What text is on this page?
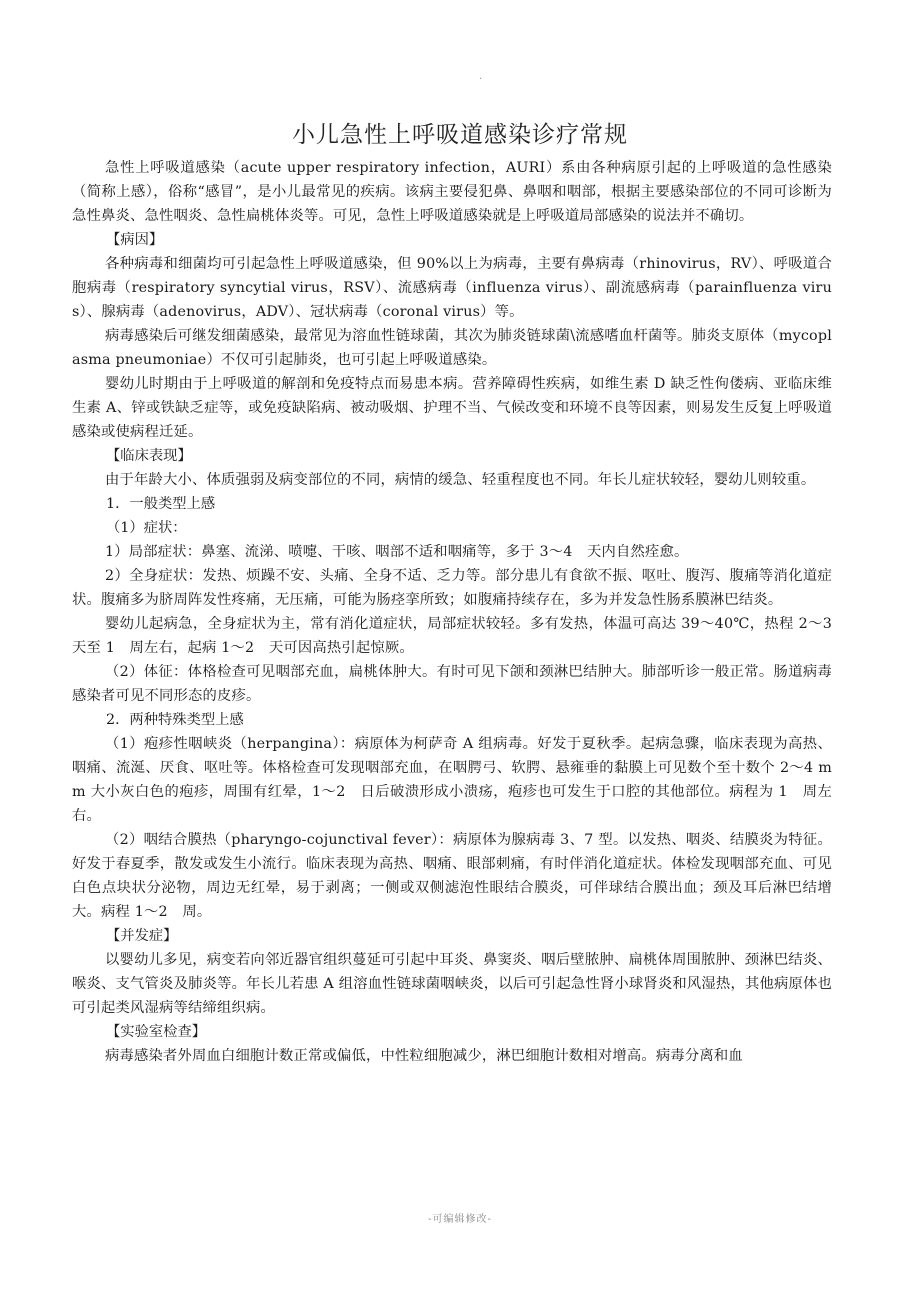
·
小儿急性上呼吸道感染诊疗常规

急性上呼吸道感染（acute upper respiratory infection，AURI）系由各种病原引起的上呼吸道的急性感染（简称上感），俗称“感冒”，是小儿最常见的疾病。该病主要侵犯鼻、鼻咽和咽部，根据主要感染部位的不同可诊断为急性鼻炎、急性咽炎、急性扁桃体炎等。可见，急性上呼吸道感染就是上呼吸道局部感染的说法并不确切。

【病因】

各种病毒和细菌均可引起急性上呼吸道感染，但 90%以上为病毒，主要有鼻病毒（rhinovirus，RV）、呼吸道合胞病毒（respiratory syncytial virus，RSV）、流感病毒（influenza virus）、副流感病毒（parainfluenza virus）、腺病毒（adenovirus，ADV）、冠状病毒（coronal virus）等。

病毒感染后可继发细菌感染，最常见为溶血性链球菌，其次为肺炎链球菌\流感嗜血杆菌等。肺炎支原体（mycoplasma pneumoniae）不仅可引起肺炎，也可引起上呼吸道感染。

婴幼儿时期由于上呼吸道的解剖和免疫特点而易患本病。营养障碍性疾病，如维生素 D 缺乏性佝偻病、亚临床维生素 A、锌或铁缺乏症等，或免疫缺陷病、被动吸烟、护理不当、气候改变和环境不良等因素，则易发生反复上呼吸道感染或使病程迁延。

【临床表现】

由于年龄大小、体质强弱及病变部位的不同，病情的缓急、轻重程度也不同。年长儿症状较轻，婴幼儿则较重。

1．一般类型上感

（1）症状：

1）局部症状：鼻塞、流涕、喷嚏、干咳、咽部不适和咽痛等，多于 3～4　天内自然痊愈。

2）全身症状：发热、烦躁不安、头痛、全身不适、乏力等。部分患儿有食欲不振、呕吐、腹泻、腹痛等消化道症状。腹痛多为脐周阵发性疼痛，无压痛，可能为肠痉挛所致；如腹痛持续存在，多为并发急性肠系膜淋巴结炎。

婴幼儿起病急，全身症状为主，常有消化道症状，局部症状较轻。多有发热，体温可高达 39～40℃，热程 2～3　天至 1　周左右，起病 1～2　天可因高热引起惊厥。

（2）体征：体格检查可见咽部充血，扁桃体肿大。有时可见下颌和颈淋巴结肿大。肺部听诊一般正常。肠道病毒感染者可见不同形态的皮疹。

2．两种特殊类型上感

（1）疱疹性咽峡炎（herpangina）：病原体为柯萨奇 A 组病毒。好发于夏秋季。起病急骤，临床表现为高热、咽痛、流涎、厌食、呕吐等。体格检查可发现咽部充血，在咽腭弓、软腭、悬雍垂的黏膜上可见数个至十数个 2～4 mm 大小灰白色的疱疹，周围有红晕，1～2　日后破溃形成小溃疡，疱疹也可发生于口腔的其他部位。病程为 1　周左右。

（2）咽结合膜热（pharyngo-cojunctival fever）：病原体为腺病毒 3、7 型。以发热、咽炎、结膜炎为特征。好发于春夏季，散发或发生小流行。临床表现为高热、咽痛、眼部刺痛，有时伴消化道症状。体检发现咽部充血、可见白色点块状分泌物，周边无红晕，易于剥离；一侧或双侧滤泡性眼结合膜炎，可伴球结合膜出血；颈及耳后淋巴结增大。病程 1～2　周。

【并发症】

以婴幼儿多见，病变若向邻近器官组织蔓延可引起中耳炎、鼻窦炎、咽后壁脓肿、扁桃体周围脓肿、颈淋巴结炎、喉炎、支气管炎及肺炎等。年长儿若患 A 组溶血性链球菌咽峡炎，以后可引起急性肾小球肾炎和风湿热，其他病原体也可引起类风湿病等结缔组织病。

【实验室检查】

病毒感染者外周血白细胞计数正常或偏低，中性粒细胞减少，淋巴细胞计数相对增高。病毒分离和血

-可编辑修改-
